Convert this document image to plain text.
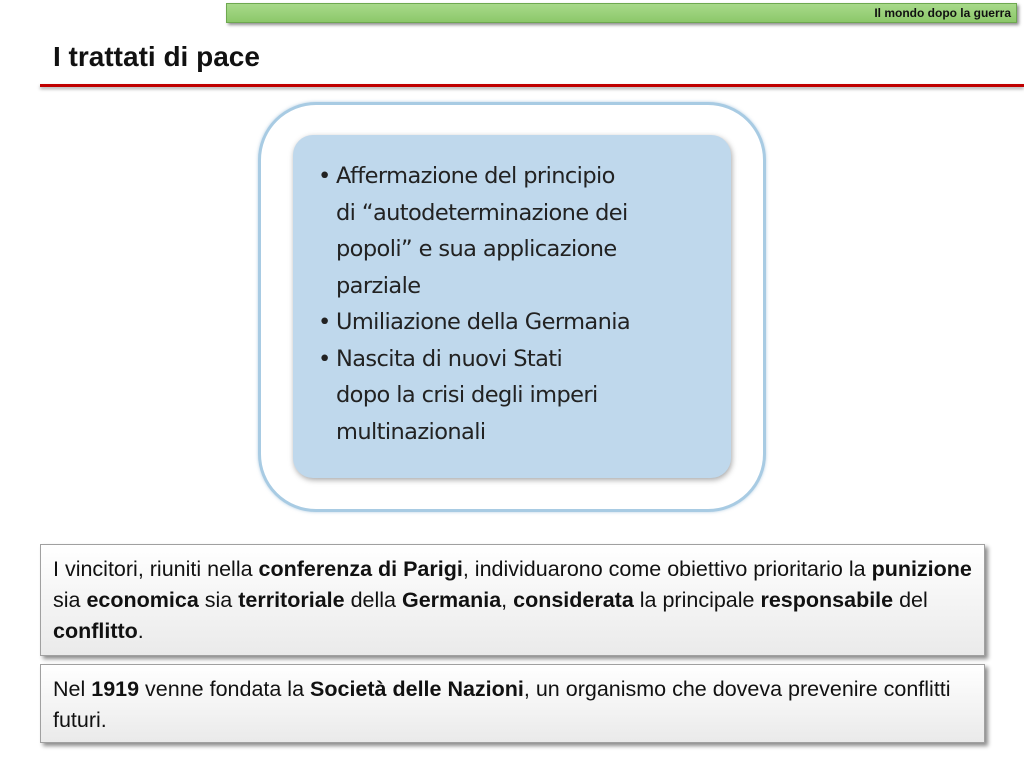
Il mondo dopo la guerra
I trattati di pace
• Affermazione del principio
di “autodeterminazione dei
popoli” e sua applicazione
parziale
• Umiliazione della Germania
• Nascita di nuovi Stati
dopo la crisi degli imperi
multinazionali
I vincitori, riuniti nella conferenza di Parigi, individuarono come obiettivo prioritario la punizione sia economica sia territoriale della Germania, considerata la principale responsabile del conflitto.
Nel 1919 venne fondata la Società delle Nazioni, un organismo che doveva prevenire conflitti futuri.
